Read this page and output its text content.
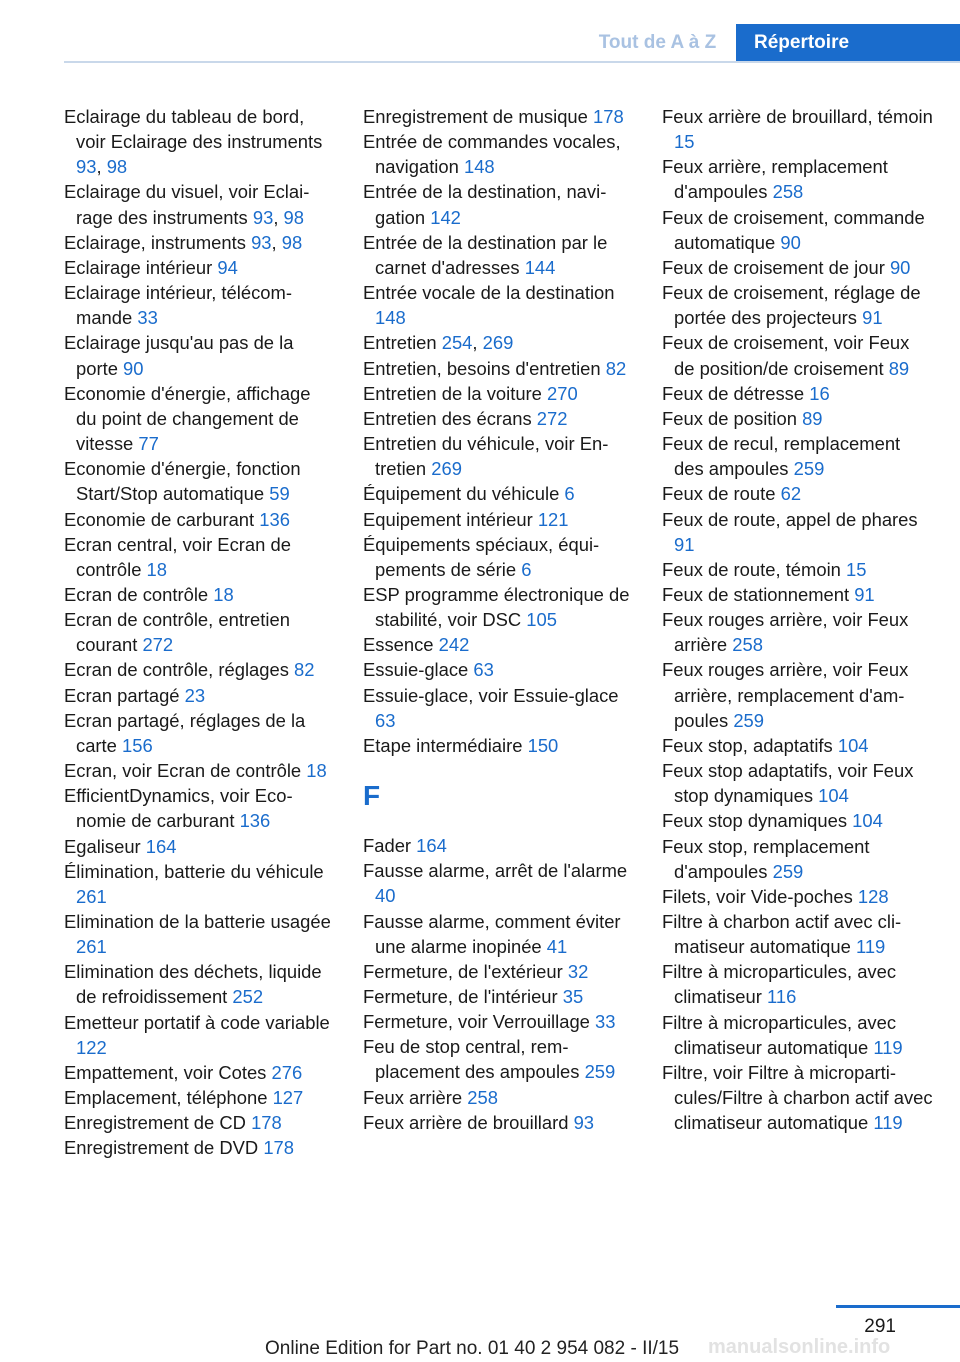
Tout de A à Z	Répertoire
Eclairage du tableau de bord, voir Eclairage des instruments 93, 98
Eclairage du visuel, voir Eclairage des instruments 93, 98
Eclairage, instruments 93, 98
Eclairage intérieur 94
Eclairage intérieur, télécommande 33
Eclairage jusqu'au pas de la porte 90
Economie d'énergie, affichage du point de changement de vitesse 77
Economie d'énergie, fonction Start/Stop automatique 59
Economie de carburant 136
Ecran central, voir Ecran de contrôle 18
Ecran de contrôle 18
Ecran de contrôle, entretien courant 272
Ecran de contrôle, réglages 82
Ecran partagé 23
Ecran partagé, réglages de la carte 156
Ecran, voir Ecran de contrôle 18
EfficientDynamics, voir Economie de carburant 136
Egaliseur 164
Élimination, batterie du véhicule 261
Elimination de la batterie usagée 261
Elimination des déchets, liquide de refroidissement 252
Emetteur portatif à code variable 122
Empattement, voir Cotes 276
Emplacement, téléphone 127
Enregistrement de CD 178
Enregistrement de DVD 178
Enregistrement de musique 178
Entrée de commandes vocales, navigation 148
Entrée de la destination, navigation 142
Entrée de la destination par le carnet d'adresses 144
Entrée vocale de la destination 148
Entretien 254, 269
Entretien, besoins d'entretien 82
Entretien de la voiture 270
Entretien des écrans 272
Entretien du véhicule, voir Entretien 269
Équipement du véhicule 6
Equipement intérieur 121
Équipements spéciaux, équipements de série 6
ESP programme électronique de stabilité, voir DSC 105
Essence 242
Essuie-glace 63
Essuie-glace, voir Essuie-glace 63
Etape intermédiaire 150
F
Fader 164
Fausse alarme, arrêt de l'alarme 40
Fausse alarme, comment éviter une alarme inopinée 41
Fermeture, de l'extérieur 32
Fermeture, de l'intérieur 35
Fermeture, voir Verrouillage 33
Feu de stop central, remplacement des ampoules 259
Feux arrière 258
Feux arrière de brouillard 93
Feux arrière de brouillard, témoin 15
Feux arrière, remplacement d'ampoules 258
Feux de croisement, commande automatique 90
Feux de croisement de jour 90
Feux de croisement, réglage de portée des projecteurs 91
Feux de croisement, voir Feux de position/de croisement 89
Feux de détresse 16
Feux de position 89
Feux de recul, remplacement des ampoules 259
Feux de route 62
Feux de route, appel de phares 91
Feux de route, témoin 15
Feux de stationnement 91
Feux rouges arrière, voir Feux arrière 258
Feux rouges arrière, voir Feux arrière, remplacement d'ampoules 259
Feux stop, adaptatifs 104
Feux stop adaptatifs, voir Feux stop dynamiques 104
Feux stop dynamiques 104
Feux stop, remplacement d'ampoules 259
Filets, voir Vide-poches 128
Filtre à charbon actif avec climatiseur automatique 119
Filtre à microparticules, avec climatiseur 116
Filtre à microparticules, avec climatiseur automatique 119
Filtre, voir Filtre à microparticules/Filtre à charbon actif avec climatiseur automatique 119
291
Online Edition for Part no. 01 40 2 954 082 - II/15 manualsonline.info
